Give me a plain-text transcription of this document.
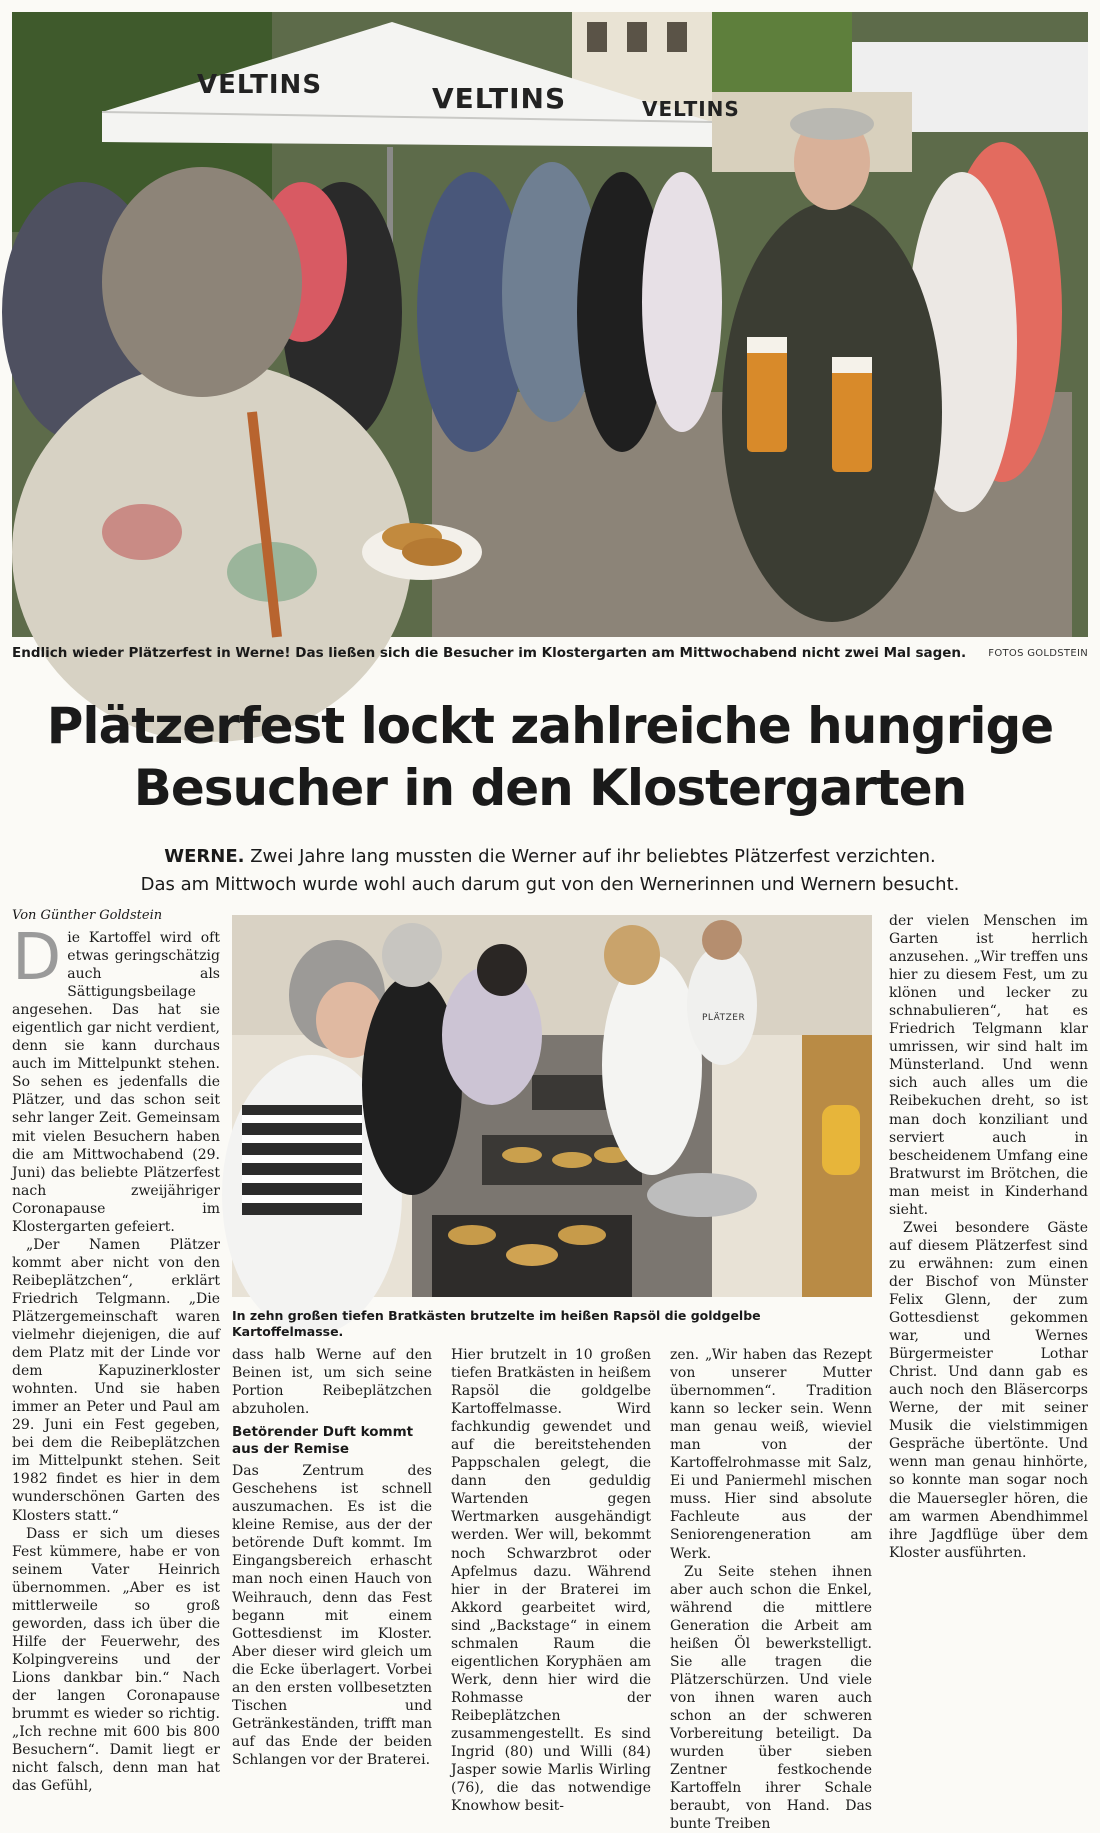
VELTINS	VELTINS	VELTINS
Endlich wieder Plätzerfest in Werne! Das ließen sich die Besucher im Klostergarten am Mittwochabend nicht zwei Mal sagen. FOTOS GOLDSTEIN
Plätzerfest lockt zahlreiche hungrige
Besucher in den Klostergarten
WERNE. Zwei Jahre lang mussten die Werner auf ihr beliebtes Plätzerfest verzichten.
Das am Mittwoch wurde wohl auch darum gut von den Wernerinnen und Wernern besucht.
Von Günther Goldstein

Die Kartoffel wird oft etwas geringschätzig auch als Sättigungsbeilage angesehen. Das hat sie eigentlich gar nicht verdient, denn sie kann durchaus auch im Mittelpunkt stehen. So sehen es jedenfalls die Plätzer, und das schon seit sehr langer Zeit. Gemeinsam mit vielen Besuchern haben die am Mittwochabend (29. Juni) das beliebte Plätzerfest nach zweijähriger Coronapause im Klostergarten gefeiert.

„Der Namen Plätzer kommt aber nicht von den Reibeplätzchen“, erklärt Friedrich Telgmann. „Die Plätzergemeinschaft waren vielmehr diejenigen, die auf dem Platz mit der Linde vor dem Kapuzinerkloster wohnten. Und sie haben immer an Peter und Paul am 29. Juni ein Fest gegeben, bei dem die Reibeplätzchen im Mittelpunkt stehen. Seit 1982 findet es hier in dem wunderschönen Garten des Klosters statt.“

Dass er sich um dieses Fest kümmere, habe er von seinem Vater Heinrich übernommen. „Aber es ist mittlerweile so groß geworden, dass ich über die Hilfe der Feuerwehr, des Kolpingvereins und der Lions dankbar bin.“ Nach der langen Coronapause brummt es wieder so richtig. „Ich rechne mit 600 bis 800 Besuchern“. Damit liegt er nicht falsch, denn man hat das Gefühl,

PLÄTZER
In zehn großen tiefen Bratkästen brutzelte im heißen Rapsöl die goldgelbe Kartoffelmasse.

dass halb Werne auf den Beinen ist, um sich seine Portion Reibeplätzchen abzuholen.

Betörender Duft kommt aus der Remise

Das Zentrum des Geschehens ist schnell auszumachen. Es ist die kleine Remise, aus der der betörende Duft kommt. Im Eingangsbereich erhascht man noch einen Hauch von Weihrauch, denn das Fest begann mit einem Gottesdienst im Kloster. Aber dieser wird gleich um die Ecke überlagert. Vorbei an den ersten vollbesetzten Tischen und Getränkeständen, trifft man auf das Ende der beiden Schlangen vor der Braterei.

Hier brutzelt in 10 großen tiefen Bratkästen in heißem Rapsöl die goldgelbe Kartoffelmasse. Wird fachkundig gewendet und auf die bereitstehenden Pappschalen gelegt, die dann den geduldig Wartenden gegen Wertmarken ausgehändigt werden. Wer will, bekommt noch Schwarzbrot oder Apfelmus dazu. Während hier in der Braterei im Akkord gearbeitet wird, sind „Backstage“ in einem schmalen Raum die eigentlichen Koryphäen am Werk, denn hier wird die Rohmasse der Reibeplätzchen zusammengestellt. Es sind Ingrid (80) und Willi (84) Jasper sowie Marlis Wirling (76), die das notwendige Knowhow besit-

zen. „Wir haben das Rezept von unserer Mutter übernommen“. Tradition kann so lecker sein. Wenn man genau weiß, wieviel man von der Kartoffelrohmasse mit Salz, Ei und Paniermehl mischen muss. Hier sind absolute Fachleute aus der Seniorengeneration am Werk.

Zu Seite stehen ihnen aber auch schon die Enkel, während die mittlere Generation die Arbeit am heißen Öl bewerkstelligt. Sie alle tragen die Plätzerschürzen. Und viele von ihnen waren auch schon an der schweren Vorbereitung beteiligt. Da wurden über sieben Zentner festkochende Kartoffeln ihrer Schale beraubt, von Hand. Das bunte Treiben

der vielen Menschen im Garten ist herrlich anzusehen. „Wir treffen uns hier zu diesem Fest, um zu klönen und lecker zu schnabulieren“, hat es Friedrich Telgmann klar umrissen, wir sind halt im Münsterland. Und wenn sich auch alles um die Reibekuchen dreht, so ist man doch konziliant und serviert auch in bescheidenem Umfang eine Bratwurst im Brötchen, die man meist in Kinderhand sieht.

Zwei besondere Gäste auf diesem Plätzerfest sind zu erwähnen: zum einen der Bischof von Münster Felix Glenn, der zum Gottesdienst gekommen war, und Wernes Bürgermeister Lothar Christ. Und dann gab es auch noch den Bläsercorps Werne, der mit seiner Musik die vielstimmigen Gespräche übertönte. Und wenn man genau hinhörte, so konnte man sogar noch die Mauersegler hören, die am warmen Abendhimmel ihre Jagdflüge über dem Kloster ausführten.
